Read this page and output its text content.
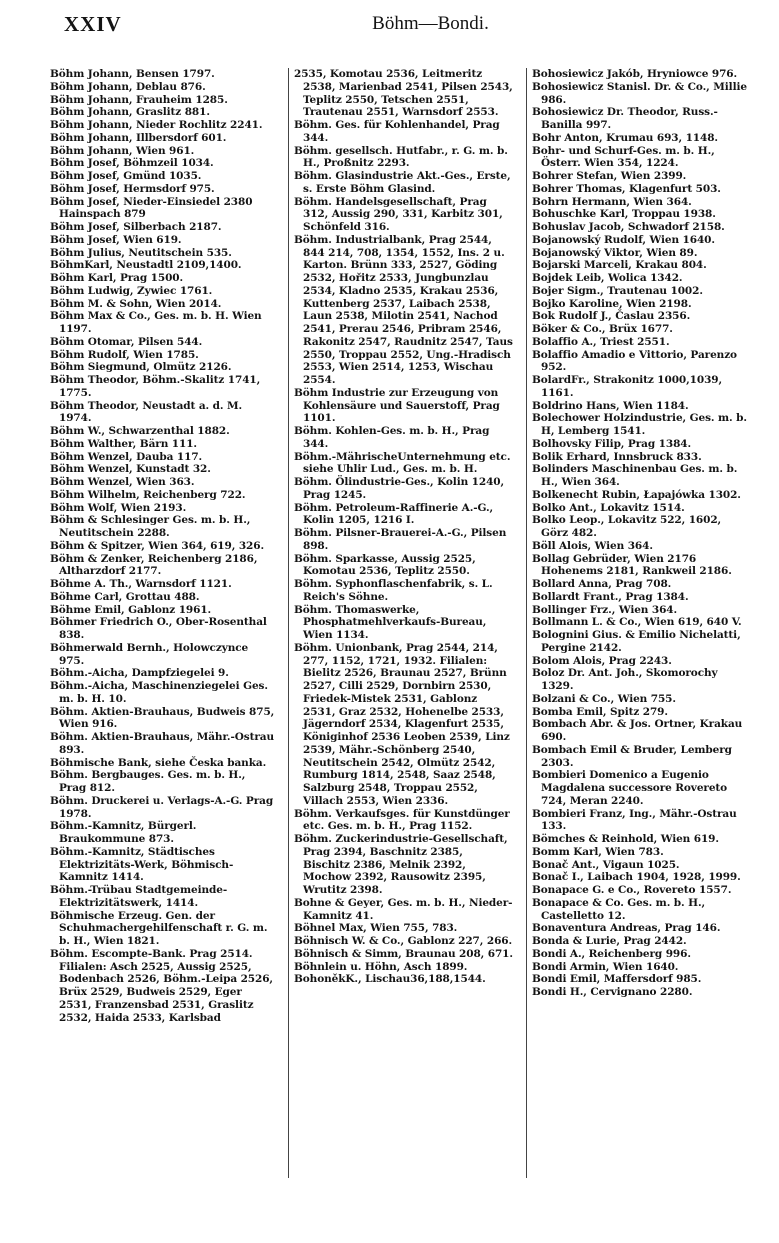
XXIV	Böhm—Bondi.

Böhm Johann, Bensen 1797.

Böhm Johann, Deblau 876.

Böhm Johann, Frauheim 1285.

Böhm Johann, Graslitz 881.

Böhm Johann, Nieder Rochlitz 2241.

Böhm Johann, Illbersdorf 601.

Böhm Johann, Wien 961.

Böhm Josef, Böhmzeil 1034.

Böhm Josef, Gmünd 1035.

Böhm Josef, Hermsdorf 975.

Böhm Josef, Nieder-Einsiedel 2380 Hainspach 879

Böhm Josef, Silberbach 2187.

Böhm Josef, Wien 619.

Böhm Julius, Neutitschein 535.

BöhmKarl, Neustadtl 2109,1400.

Böhm Karl, Prag 1500.

Böhm Ludwig, Zywiec 1761.

Böhm M. & Sohn, Wien 2014.

Böhm Max & Co., Ges. m. b. H. Wien 1197.

Böhm Otomar, Pilsen 544.

Böhm Rudolf, Wien 1785.

Böhm Siegmund, Olmütz 2126.

Böhm Theodor, Böhm.-Skalitz 1741, 1775.

Böhm Theodor, Neustadt a. d. M. 1974.

Böhm W., Schwarzenthal 1882.

Böhm Walther, Bärn 111.

Böhm Wenzel, Dauba 117.

Böhm Wenzel, Kunstadt 32.

Böhm Wenzel, Wien 363.

Böhm Wilhelm, Reichenberg 722.

Böhm Wolf, Wien 2193.

Böhm & Schlesinger Ges. m. b. H., Neutitschein 2288.

Böhm & Spitzer, Wien 364, 619, 326.

Böhm & Zenker, Reichenberg 2186, Altharzdorf 2177.

Böhme A. Th., Warnsdorf 1121.

Böhme Carl, Grottau 488.

Böhme Emil, Gablonz 1961.

Böhmer Friedrich O., Ober-Rosenthal 838.

Böhmerwald Bernh., Holowczynce 975.

Böhm.-Aicha, Dampfziegelei 9.

Böhm.-Aicha, Maschinenziegelei Ges. m. b. H. 10.

Böhm. Aktien-Brauhaus, Budweis 875, Wien 916.

Böhm. Aktien-Brauhaus, Mähr.-Ostrau 893.

Böhmische Bank, siehe Česka banka.

Böhm. Bergbauges. Ges. m. b. H., Prag 812.

Böhm. Druckerei u. Verlags-A.-G. Prag 1978.

Böhm.-Kamnitz, Bürgerl. Braukommune 873.

Böhm.-Kamnitz, Städtisches Elektrizitäts-Werk, Böhmisch-Kamnitz 1414.

Böhm.-Trübau Stadtgemeinde-Elektrizitätswerk, 1414.

Böhmische Erzeug. Gen. der Schuhmachergehilfenschaft r. G. m. b. H., Wien 1821.

Böhm. Escompte-Bank. Prag 2514. Filialen: Asch 2525, Aussig 2525, Bodenbach 2526, Böhm.-Leipa 2526, Brüx 2529, Budweis 2529, Eger 2531, Franzensbad 2531, Graslitz 2532, Haida 2533, Karlsbad

2535, Komotau 2536, Leitmeritz 2538, Marienbad 2541, Pilsen 2543, Teplitz 2550, Tetschen 2551, Trautenau 2551, Warnsdorf 2553.

Böhm. Ges. für Kohlenhandel, Prag 344.

Böhm. gesellsch. Hutfabr., r. G. m. b. H., Proßnitz 2293.

Böhm. Glasindustrie Akt.-Ges., Erste, s. Erste Böhm Glasind.

Böhm. Handelsgesellschaft, Prag 312, Aussig 290, 331, Karbitz 301, Schönfeld 316.

Böhm. Industrialbank, Prag 2544, 844 214, 708, 1354, 1552, Ins. 2 u. Karton. Brünn 333, 2527, Göding 2532, Hořitz 2533, Jungbunzlau 2534, Kladno 2535, Krakau 2536, Kuttenberg 2537, Laibach 2538, Laun 2538, Milotin 2541, Nachod 2541, Prerau 2546, Pribram 2546, Rakonitz 2547, Raudnitz 2547, Taus 2550, Troppau 2552, Ung.-Hradisch 2553, Wien 2514, 1253, Wischau 2554.

Böhm Industrie zur Erzeugung von Kohlensäure und Sauerstoff, Prag 1101.

Böhm. Kohlen-Ges. m. b. H., Prag 344.

Böhm.-MährischeUnternehmung etc. siehe Uhlir Lud., Ges. m. b. H.

Böhm. Ölindustrie-Ges., Kolin 1240, Prag 1245.

Böhm. Petroleum-Raffinerie A.-G., Kolin 1205, 1216 I.

Böhm. Pilsner-Brauerei-A.-G., Pilsen 898.

Böhm. Sparkasse, Aussig 2525, Komotau 2536, Teplitz 2550.

Böhm. Syphonflaschenfabrik, s. L. Reich's Söhne.

Böhm. Thomaswerke, Phosphatmehlverkaufs-Bureau, Wien 1134.

Böhm. Unionbank, Prag 2544, 214, 277, 1152, 1721, 1932. Filialen: Bielitz 2526, Braunau 2527, Brünn 2527, Cilli 2529, Dornbirn 2530, Friedek-Mistek 2531, Gablonz 2531, Graz 2532, Hohenelbe 2533, Jägerndorf 2534, Klagenfurt 2535, Königinhof 2536 Leoben 2539, Linz 2539, Mähr.-Schönberg 2540, Neutitschein 2542, Olmütz 2542, Rumburg 1814, 2548, Saaz 2548, Salzburg 2548, Troppau 2552, Villach 2553, Wien 2336.

Böhm. Verkaufsges. für Kunstdünger etc. Ges. m. b. H., Prag 1152.

Böhm. Zuckerindustrie-Gesellschaft, Prag 2394, Baschnitz 2385, Bischitz 2386, Melnik 2392, Mochow 2392, Rausowitz 2395, Wrutitz 2398.

Bohne & Geyer, Ges. m. b. H., Nieder-Kamnitz 41.

Böhnel Max, Wien 755, 783.

Böhnisch W. & Co., Gablonz 227, 266.

Böhnisch & Simm, Braunau 208, 671.

Böhnlein u. Höhn, Asch 1899.

BohoněkK., Lischau36,188,1544.

Bohosiewicz Jakób, Hryniowce 976.

Bohosiewicz Stanisl. Dr. & Co., Millie 986.

Bohosiewicz Dr. Theodor, Russ.-Banilla 997.

Bohr Anton, Krumau 693, 1148.

Bohr- und Schurf-Ges. m. b. H., Österr. Wien 354, 1224.

Bohrer Stefan, Wien 2399.

Bohrer Thomas, Klagenfurt 503.

Bohrn Hermann, Wien 364.

Bohuschke Karl, Troppau 1938.

Bohuslav Jacob, Schwadorf 2158.

Bojanowský Rudolf, Wien 1640.

Bojanowský Viktor, Wien 89.

Bojarski Marceli, Krakau 804.

Bojdek Leib, Wolica 1342.

Bojer Sigm., Trautenau 1002.

Bojko Karoline, Wien 2198.

Bok Rudolf J., Časlau 2356.

Böker & Co., Brüx 1677.

Bolaffio A., Triest 2551.

Bolaffio Amadio e Vittorio, Parenzo 952.

BolardFr., Strakonitz 1000,1039, 1161.

Boldrino Hans, Wien 1184.

Bolechower Holzindustrie, Ges. m. b. H, Lemberg 1541.

Bolhovsky Filip, Prag 1384.

Bolik Erhard, Innsbruck 833.

Bolinders Maschinenbau Ges. m. b. H., Wien 364.

Bolkenecht Rubin, Łapajówka 1302.

Bolko Ant., Lokavitz 1514.

Bolko Leop., Lokavitz 522, 1602, Görz 482.

Böll Alois, Wien 364.

Bollag Gebrüder, Wien 2176 Hohenems 2181, Rankweil 2186.

Bollard Anna, Prag 708.

Bollardt Frant., Prag 1384.

Bollinger Frz., Wien 364.

Bollmann L. & Co., Wien 619, 640 V.

Bolognini Gius. & Emilio Nichelatti, Pergine 2142.

Bolom Alois, Prag 2243.

Boloz Dr. Ant. Joh., Skomorochy 1329.

Bolzani & Co., Wien 755.

Bomba Emil, Spitz 279.

Bombach Abr. & Jos. Ortner, Krakau 690.

Bombach Emil & Bruder, Lemberg 2303.

Bombieri Domenico a Eugenio Magdalena successore Rovereto 724, Meran 2240.

Bombieri Franz, Ing., Mähr.-Ostrau 133.

Bömches & Reinhold, Wien 619.

Bomm Karl, Wien 783.

Bonač Ant., Vigaun 1025.

Bonač I., Laibach 1904, 1928, 1999.

Bonapace G. e Co., Rovereto 1557.

Bonapace & Co. Ges. m. b. H., Castelletto 12.

Bonaventura Andreas, Prag 146.

Bonda & Lurie, Prag 2442.

Bondi A., Reichenberg 996.

Bondi Armin, Wien 1640.

Bondi Emil, Maffersdorf 985.

Bondi H., Cervignano 2280.
